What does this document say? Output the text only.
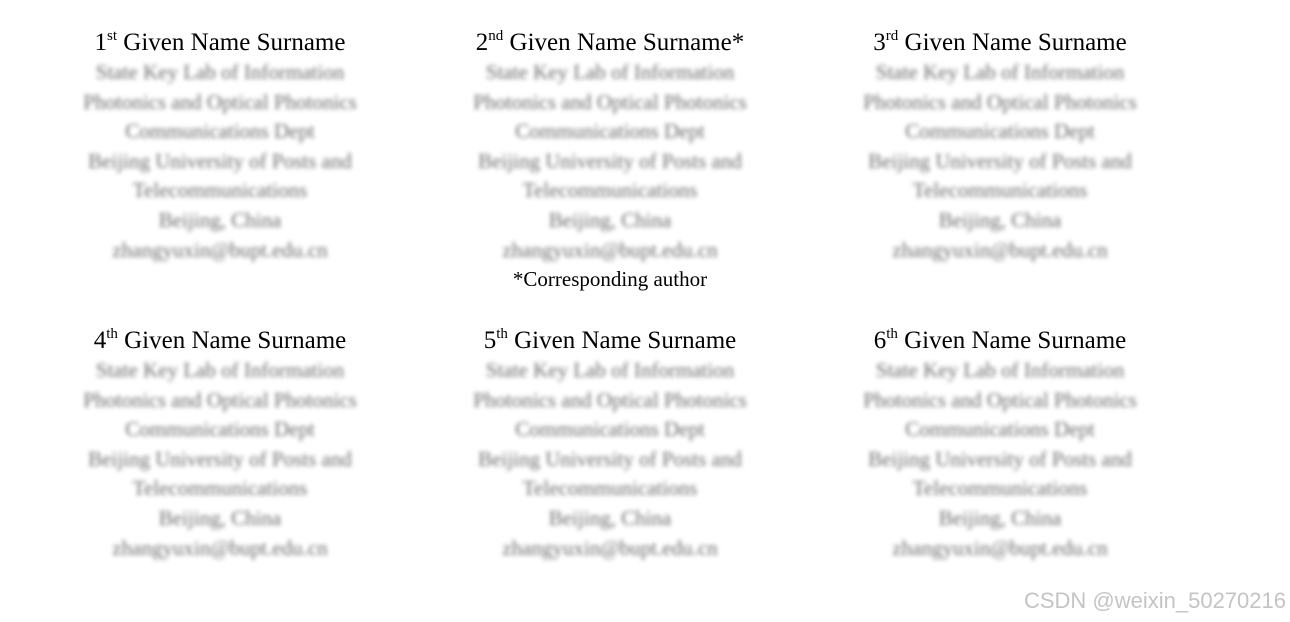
1st Given Name Surname
State Key Lab of Information
Photonics and Optical Photonics
Communications Dept
Beijing University of Posts and
Telecommunications
Beijing, China
zhangyuxin@bupt.edu.cn
2nd Given Name Surname*
State Key Lab of Information
Photonics and Optical Photonics
Communications Dept
Beijing University of Posts and
Telecommunications
Beijing, China
zhangyuxin@bupt.edu.cn
*Corresponding author
3rd Given Name Surname
State Key Lab of Information
Photonics and Optical Photonics
Communications Dept
Beijing University of Posts and
Telecommunications
Beijing, China
zhangyuxin@bupt.edu.cn
4th Given Name Surname
State Key Lab of Information
Photonics and Optical Photonics
Communications Dept
Beijing University of Posts and
Telecommunications
Beijing, China
zhangyuxin@bupt.edu.cn
5th Given Name Surname
State Key Lab of Information
Photonics and Optical Photonics
Communications Dept
Beijing University of Posts and
Telecommunications
Beijing, China
zhangyuxin@bupt.edu.cn
6th Given Name Surname
State Key Lab of Information
Photonics and Optical Photonics
Communications Dept
Beijing University of Posts and
Telecommunications
Beijing, China
zhangyuxin@bupt.edu.cn
CSDN @weixin_50270216
